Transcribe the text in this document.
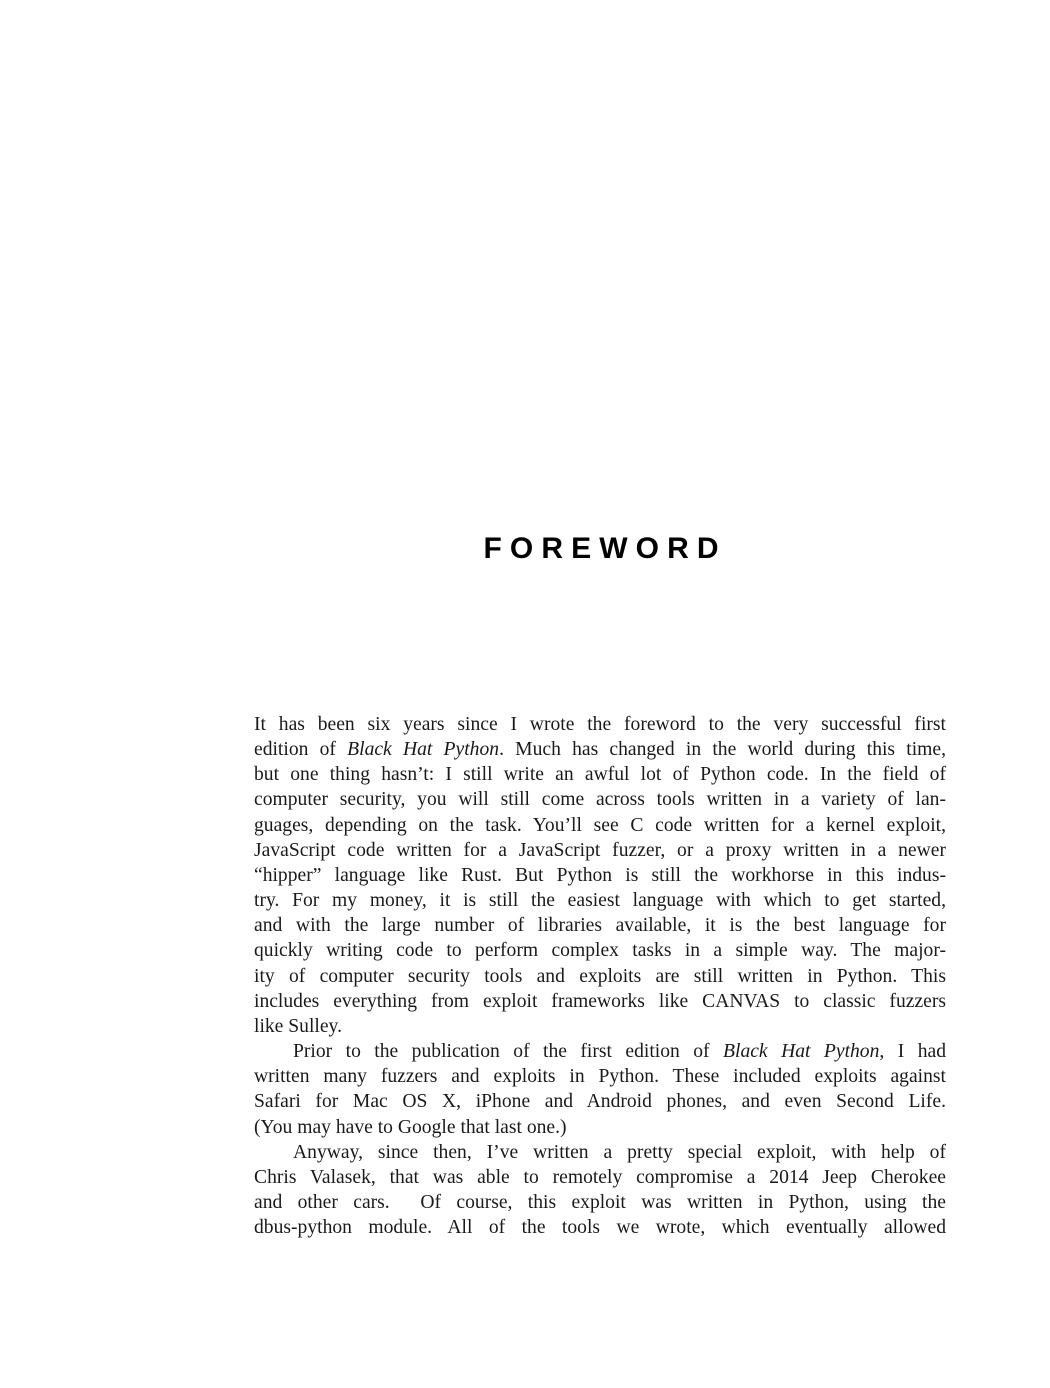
FOREWORD
It has been six years since I wrote the foreword to the very successful first
edition of Black Hat Python. Much has changed in the world during this time,
but one thing hasn’t: I still write an awful lot of Python code. In the field of
computer security, you will still come across tools written in a variety of lan-
guages, depending on the task. You’ll see C code written for a kernel exploit,
JavaScript code written for a JavaScript fuzzer, or a proxy written in a newer
“hipper” language like Rust. But Python is still the workhorse in this indus-
try. For my money, it is still the easiest language with which to get started,
and with the large number of libraries available, it is the best language for
quickly writing code to perform complex tasks in a simple way. The major-
ity of computer security tools and exploits are still written in Python. This
includes everything from exploit frameworks like CANVAS to classic fuzzers
like Sulley.
Prior to the publication of the first edition of Black Hat Python, I had
written many fuzzers and exploits in Python. These included exploits against
Safari for Mac OS X, iPhone and Android phones, and even Second Life.
(You may have to Google that last one.)
Anyway, since then, I’ve written a pretty special exploit, with help of
Chris Valasek, that was able to remotely compromise a 2014 Jeep Cherokee
and other cars.  Of course, this exploit was written in Python, using the
dbus-python module. All of the tools we wrote, which eventually allowed
